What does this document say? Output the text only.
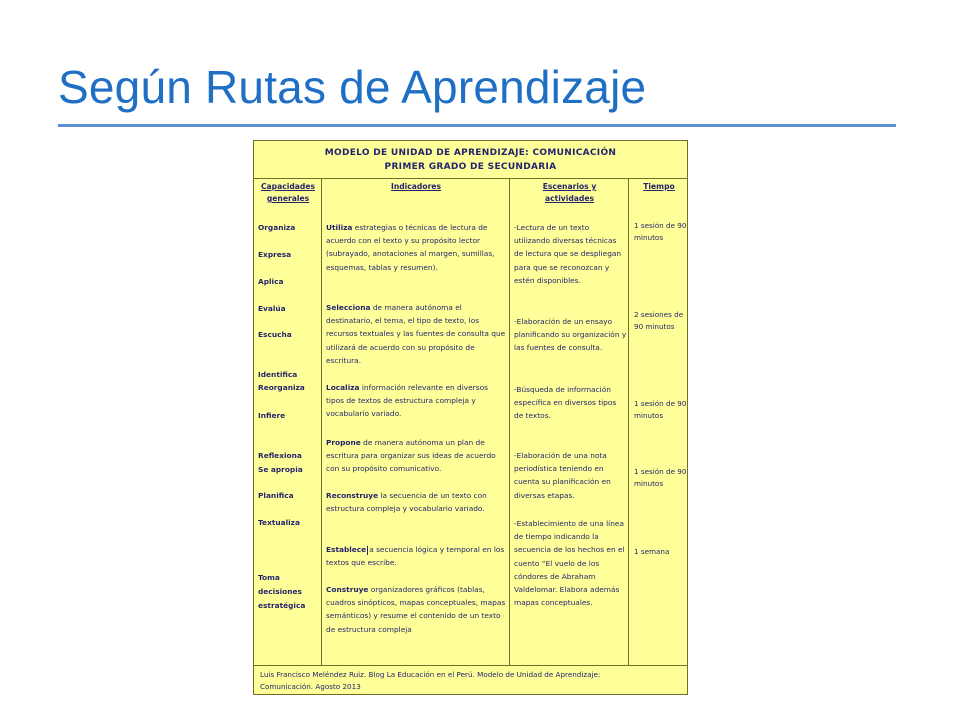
Según Rutas de Aprendizaje
MODELO DE UNIDAD DE APRENDIZAJE: COMUNICACIÓN
PRIMER GRADO DE SECUNDARIA
Capacidades
generales
Indicadores	Escenarios y
actividades
Tiempo
Organiza
Expresa
Aplica
Evalúa
Escucha
Identifica
Reorganiza
Infiere
Reflexiona
Se apropia
Planifica
Textualiza
Toma
decisiones
estratégica
Utiliza estrategias o técnicas de lectura de acuerdo con el texto y su propósito lector (subrayado, anotaciones al margen, sumillas, esquemas, tablas y resumen).
Selecciona de manera autónoma el destinatario, el tema, el tipo de texto, los recursos textuales y las fuentes de consulta que utilizará de acuerdo con su propósito de escritura.
Localiza información relevante en diversos tipos de textos de estructura compleja y vocabulario variado.
Propone de manera autónoma un plan de escritura para organizar sus ideas de acuerdo con su propósito comunicativo.
Reconstruye la secuencia de un texto con estructura compleja y vocabulario variado.
Establece a secuencia lógica y temporal en los textos que escribe.
Construye organizadores gráficos (tablas, cuadros sinópticos, mapas conceptuales, mapas semánticos) y resume el contenido de un texto de estructura compleja
-Lectura de un texto utilizando diversas técnicas de lectura que se despliegan para que se reconozcan y estén disponibles.
-Elaboración de un ensayo planificando su organización y las fuentes de consulta.
-Búsqueda de información específica en diversos tipos de textos.
-Elaboración de una nota periodística teniendo en cuenta su planificación en diversas etapas.
-Establecimiento de una línea de tiempo indicando la secuencia de los hechos en el cuento “El vuelo de los cóndores de Abraham Valdelomar. Elabora además mapas conceptuales.
1 sesión de 90 minutos
2 sesiones de 90 minutos
1 sesión de 90 minutos
1 sesión de 90 minutos
1 semana
Luis Francisco Meléndez Ruiz. Blog La Educación en el Perú. Modelo de Unidad de Aprendizaje:
Comunicación. Agosto 2013
